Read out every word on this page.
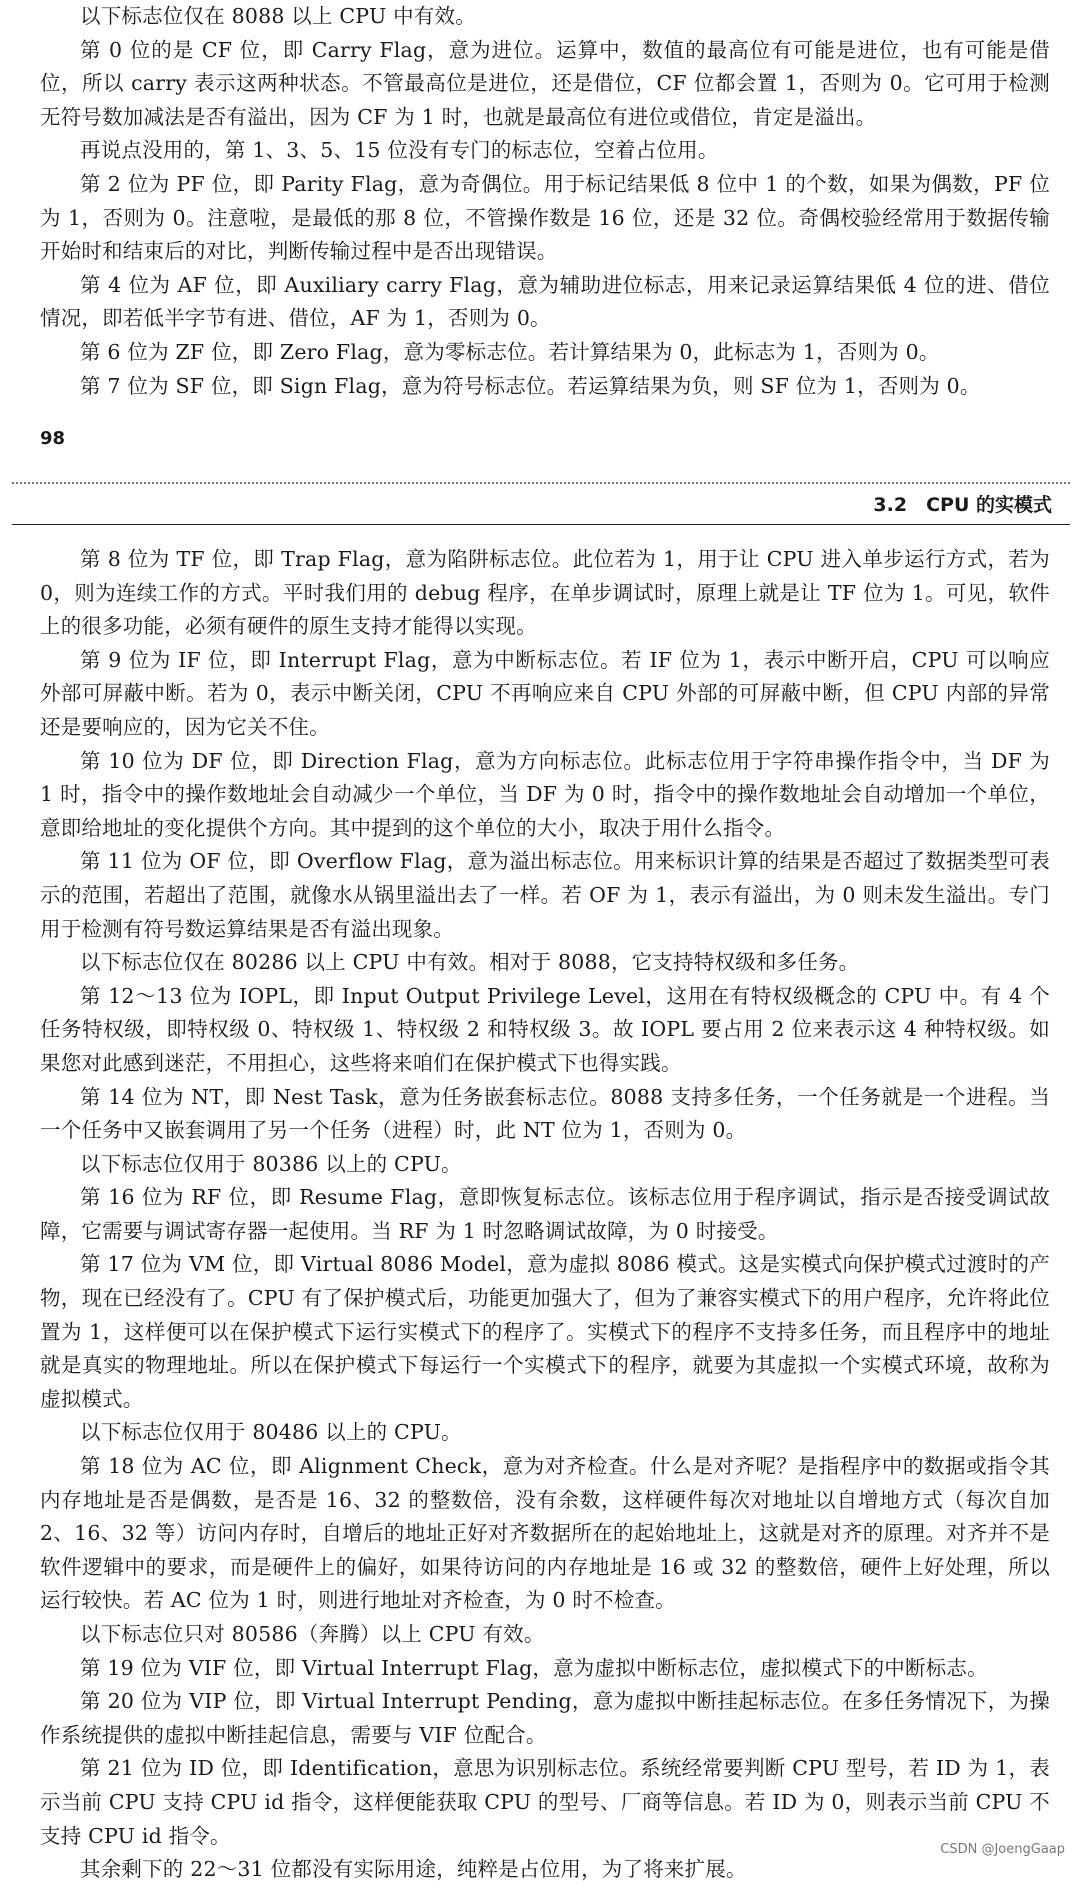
以下标志位仅在 8088 以上 CPU 中有效。

第 0 位的是 CF 位，即 Carry Flag，意为进位。运算中，数值的最高位有可能是进位，也有可能是借位，所以 carry 表示这两种状态。不管最高位是进位，还是借位，CF 位都会置 1，否则为 0。它可用于检测无符号数加减法是否有溢出，因为 CF 为 1 时，也就是最高位有进位或借位，肯定是溢出。

再说点没用的，第 1、3、5、15 位没有专门的标志位，空着占位用。

第 2 位为 PF 位，即 Parity Flag，意为奇偶位。用于标记结果低 8 位中 1 的个数，如果为偶数，PF 位为 1，否则为 0。注意啦，是最低的那 8 位，不管操作数是 16 位，还是 32 位。奇偶校验经常用于数据传输开始时和结束后的对比，判断传输过程中是否出现错误。

第 4 位为 AF 位，即 Auxiliary carry Flag，意为辅助进位标志，用来记录运算结果低 4 位的进、借位情况，即若低半字节有进、借位，AF 为 1，否则为 0。

第 6 位为 ZF 位，即 Zero Flag，意为零标志位。若计算结果为 0，此标志为 1，否则为 0。

第 7 位为 SF 位，即 Sign Flag，意为符号标志位。若运算结果为负，则 SF 位为 1，否则为 0。

98
3.2　CPU 的实模式

第 8 位为 TF 位，即 Trap Flag，意为陷阱标志位。此位若为 1，用于让 CPU 进入单步运行方式，若为 0，则为连续工作的方式。平时我们用的 debug 程序，在单步调试时，原理上就是让 TF 位为 1。可见，软件上的很多功能，必须有硬件的原生支持才能得以实现。

第 9 位为 IF 位，即 Interrupt Flag，意为中断标志位。若 IF 位为 1，表示中断开启，CPU 可以响应外部可屏蔽中断。若为 0，表示中断关闭，CPU 不再响应来自 CPU 外部的可屏蔽中断，但 CPU 内部的异常还是要响应的，因为它关不住。

第 10 位为 DF 位，即 Direction Flag，意为方向标志位。此标志位用于字符串操作指令中，当 DF 为 1 时，指令中的操作数地址会自动减少一个单位，当 DF 为 0 时，指令中的操作数地址会自动增加一个单位，意即给地址的变化提供个方向。其中提到的这个单位的大小，取决于用什么指令。

第 11 位为 OF 位，即 Overflow Flag，意为溢出标志位。用来标识计算的结果是否超过了数据类型可表示的范围，若超出了范围，就像水从锅里溢出去了一样。若 OF 为 1，表示有溢出，为 0 则未发生溢出。专门用于检测有符号数运算结果是否有溢出现象。

以下标志位仅在 80286 以上 CPU 中有效。相对于 8088，它支持特权级和多任务。

第 12～13 位为 IOPL，即 Input Output Privilege Level，这用在有特权级概念的 CPU 中。有 4 个任务特权级，即特权级 0、特权级 1、特权级 2 和特权级 3。故 IOPL 要占用 2 位来表示这 4 种特权级。如果您对此感到迷茫，不用担心，这些将来咱们在保护模式下也得实践。

第 14 位为 NT，即 Nest Task，意为任务嵌套标志位。8088 支持多任务，一个任务就是一个进程。当一个任务中又嵌套调用了另一个任务（进程）时，此 NT 位为 1，否则为 0。

以下标志位仅用于 80386 以上的 CPU。

第 16 位为 RF 位，即 Resume Flag，意即恢复标志位。该标志位用于程序调试，指示是否接受调试故障，它需要与调试寄存器一起使用。当 RF 为 1 时忽略调试故障，为 0 时接受。

第 17 位为 VM 位，即 Virtual 8086 Model，意为虚拟 8086 模式。这是实模式向保护模式过渡时的产物，现在已经没有了。CPU 有了保护模式后，功能更加强大了，但为了兼容实模式下的用户程序，允许将此位置为 1，这样便可以在保护模式下运行实模式下的程序了。实模式下的程序不支持多任务，而且程序中的地址就是真实的物理地址。所以在保护模式下每运行一个实模式下的程序，就要为其虚拟一个实模式环境，故称为虚拟模式。

以下标志位仅用于 80486 以上的 CPU。

第 18 位为 AC 位，即 Alignment Check，意为对齐检查。什么是对齐呢？是指程序中的数据或指令其内存地址是否是偶数，是否是 16、32 的整数倍，没有余数，这样硬件每次对地址以自增地方式（每次自加 2、16、32 等）访问内存时，自增后的地址正好对齐数据所在的起始地址上，这就是对齐的原理。对齐并不是软件逻辑中的要求，而是硬件上的偏好，如果待访问的内存地址是 16 或 32 的整数倍，硬件上好处理，所以运行较快。若 AC 位为 1 时，则进行地址对齐检查，为 0 时不检查。

以下标志位只对 80586（奔腾）以上 CPU 有效。

第 19 位为 VIF 位，即 Virtual Interrupt Flag，意为虚拟中断标志位，虚拟模式下的中断标志。

第 20 位为 VIP 位，即 Virtual Interrupt Pending，意为虚拟中断挂起标志位。在多任务情况下，为操作系统提供的虚拟中断挂起信息，需要与 VIF 位配合。

第 21 位为 ID 位，即 Identification，意思为识别标志位。系统经常要判断 CPU 型号，若 ID 为 1，表示当前 CPU 支持 CPU id 指令，这样便能获取 CPU 的型号、厂商等信息。若 ID 为 0，则表示当前 CPU 不支持 CPU id 指令。

其余剩下的 22～31 位都没有实际用途，纯粹是占位用，为了将来扩展。

CSDN @JoengGaap
